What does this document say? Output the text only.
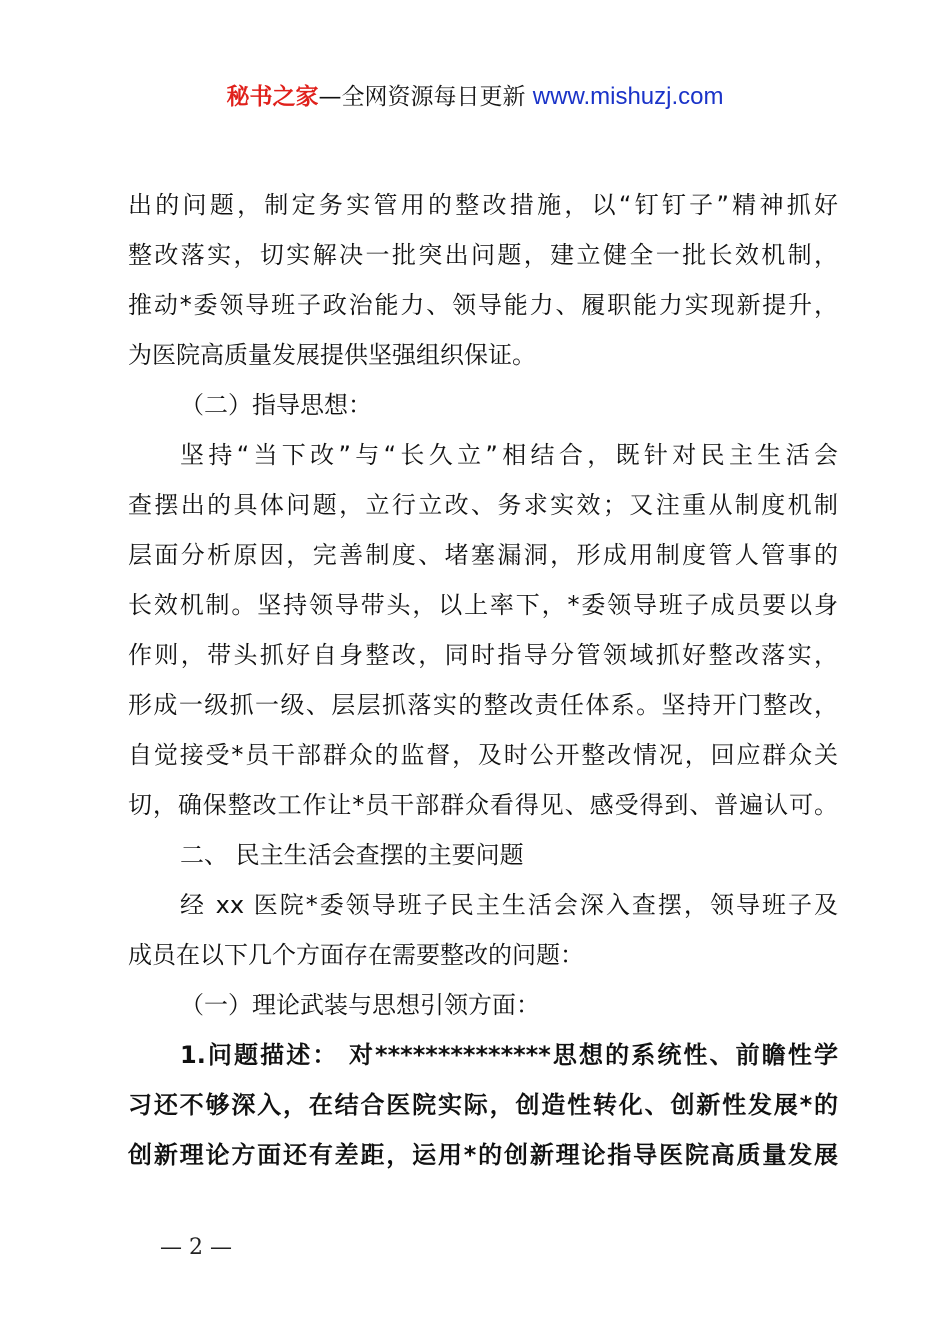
秘书之家—全网资源每日更新 www.mishuzj.com
出的问题，制定务实管用的整改措施，以“钉钉子”精神抓好
整改落实，切实解决一批突出问题，建立健全一批长效机制，
推动*委领导班子政治能力、领导能力、履职能力实现新提升，
为医院高质量发展提供坚强组织保证。
（二）指导思想：
坚持“当下改”与“长久立”相结合，既针对民主生活会
查摆出的具体问题，立行立改、务求实效；又注重从制度机制
层面分析原因，完善制度、堵塞漏洞，形成用制度管人管事的
长效机制。坚持领导带头，以上率下，*委领导班子成员要以身
作则，带头抓好自身整改，同时指导分管领域抓好整改落实，
形成一级抓一级、层层抓落实的整改责任体系。坚持开门整改，
自觉接受*员干部群众的监督，及时公开整改情况，回应群众关
切，确保整改工作让*员干部群众看得见、感受得到、普遍认可。
二、 民主生活会查摆的主要问题
经 xx 医院*委领导班子民主生活会深入查摆，领导班子及
成员在以下几个方面存在需要整改的问题：
（一）理论武装与思想引领方面：
1.问题描述： 对**************思想的系统性、前瞻性学
习还不够深入，在结合医院实际，创造性转化、创新性发展*的
创新理论方面还有差距，运用*的创新理论指导医院高质量发展
— 2 —
